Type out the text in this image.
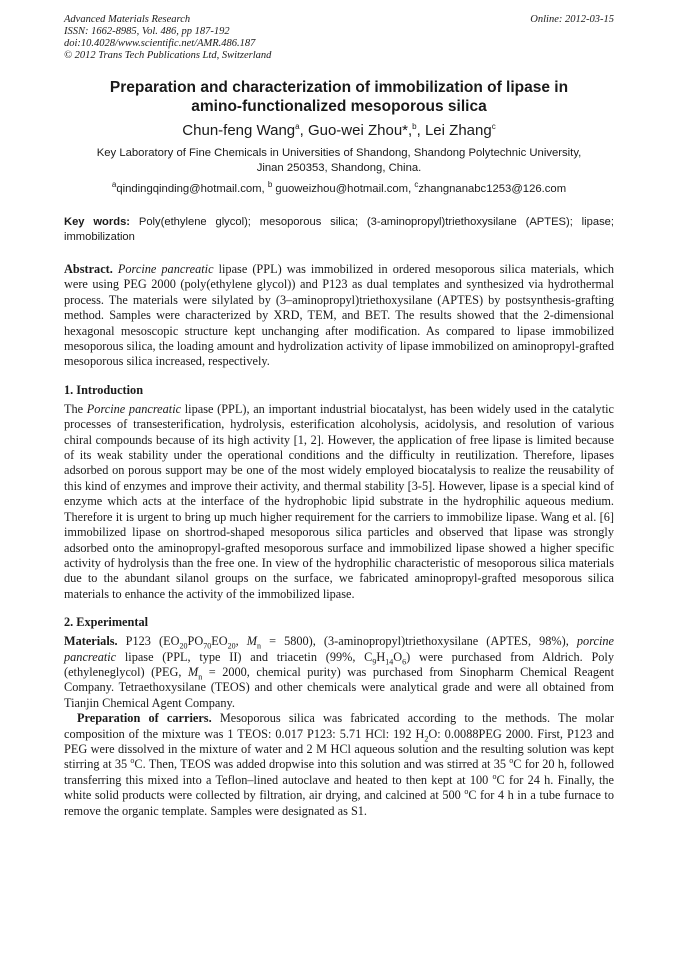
Advanced Materials Research
ISSN: 1662-8985, Vol. 486, pp 187-192
doi:10.4028/www.scientific.net/AMR.486.187
© 2012 Trans Tech Publications Ltd, Switzerland
Online: 2012-03-15
Preparation and characterization of immobilization of lipase in
amino-functionalized mesoporous silica
Chun-feng Wang$^a$, Guo-wei Zhou*,$^b$, Lei Zhang$^c$
Key Laboratory of Fine Chemicals in Universities of Shandong, Shandong Polytechnic University,
Jinan 250353, Shandong, China.
$^a$qindingqinding@hotmail.com, $^b$ guoweizhou@hotmail.com, $^c$zhangnanabc1253@126.com
Key words: Poly(ethylene glycol); mesoporous silica; (3-aminopropyl)triethoxysilane (APTES); lipase; immobilization
Abstract. Porcine pancreatic lipase (PPL) was immobilized in ordered mesoporous silica materials, which were using PEG 2000 (poly(ethylene glycol)) and P123 as dual templates and synthesized via hydrothermal process. The materials were silylated by (3–aminopropyl)triethoxysilane (APTES) by postsynthesis-grafting method. Samples were characterized by XRD, TEM, and BET. The results showed that the 2-dimensional hexagonal mesoscopic structure kept unchanging after modification. As compared to lipase immobilized mesoporous silica, the loading amount and hydrolization activity of lipase immobilized on aminopropyl-grafted mesoporous silica increased, respectively.
1. Introduction

The Porcine pancreatic lipase (PPL), an important industrial biocatalyst, has been widely used in the catalytic processes of transesterification, hydrolysis, esterification alcoholysis, acidolysis, and resolution of various chiral compounds because of its high activity [1, 2]. However, the application of free lipase is limited because of its weak stability under the operational conditions and the difficulty in reutilization. Therefore, lipases adsorbed on porous support may be one of the most widely employed biocatalysis to realize the reusability of this kind of enzymes and improve their activity, and thermal stability [3-5]. However, lipase is a special kind of enzyme which acts at the interface of the hydrophobic lipid substrate in the hydrophilic aqueous medium. Therefore it is urgent to bring up much higher requirement for the carriers to immobilize lipase. Wang et al. [6] immobilized lipase on shortrod-shaped mesoporous silica particles and observed that lipase was strongly adsorbed onto the aminopropyl-grafted mesoporous surface and immobilized lipase showed a higher specific activity of hydrolysis than the free one. In view of the hydrophilic characteristic of mesoporous silica materials due to the abundant silanol groups on the surface, we fabricated aminopropyl-grafted mesoporous silica materials to enhance the activity of the immobilized lipase.

2. Experimental

Materials. P123 ($EO_{20}PO_{70}EO_{20}$, $M_n = 5800$), (3-aminopropyl)triethoxysilane (APTES, 98%), porcine pancreatic lipase (PPL, type II) and triacetin (99%, $C_9H_{14}O_6$) were purchased from Aldrich. Poly (ethyleneglycol) (PEG, $M_n = 2000$, chemical purity) was purchased from Sinopharm Chemical Reagent Company. Tetraethoxysilane (TEOS) and other chemicals were analytical grade and were all obtained from Tianjin Chemical Agent Company.

Preparation of carriers. Mesoporous silica was fabricated according to the methods. The molar composition of the mixture was 1 TEOS: 0.017 P123: 5.71 HCl: 192 $H_2O$: 0.0088PEG 2000. First, P123 and PEG were dissolved in the mixture of water and 2 M HCl aqueous solution and the resulting solution was kept stirring at 35 $^o$C. Then, TEOS was added dropwise into this solution and was stirred at 35 $^o$C for 20 h, followed transferring this mixed into a Teflon–lined autoclave and heated to then kept at 100 $^o$C for 24 h. Finally, the white solid products were collected by filtration, air drying, and calcined at 500 $^o$C for 4 h in a tube furnace to remove the organic template. Samples were designated as S1.
